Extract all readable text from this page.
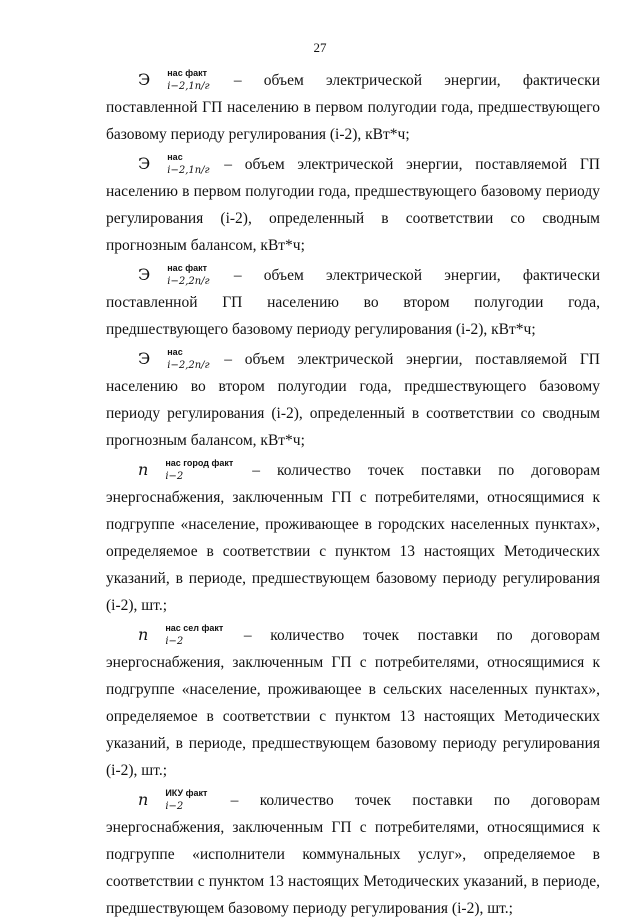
27

Э	нас факт
i−2,1п/г – объем электрической энергии, фактически поставленной ГП населению в первом полугодии года, предшествующего базовому периоду регулирования (i-2), кВт*ч;

Э	нас
i−2,1п/г – объем электрической энергии, поставляемой ГП населению в первом полугодии года, предшествующего базовому периоду регулирования (i-2), определенный в соответствии со сводным прогнозным балансом, кВт*ч;

Э	нас факт
i−2,2п/г – объем электрической энергии, фактически поставленной ГП населению во втором полугодии года, предшествующего базовому периоду регулирования (i-2), кВт*ч;

Э	нас
i−2,2п/г – объем электрической энергии, поставляемой ГП населению во втором полугодии года, предшествующего базовому периоду регулирования (i-2), определенный в соответствии со сводным прогнозным балансом, кВт*ч;

n	нас город факт
i−2	– количество точек поставки по договорам энергоснабжения, заключенным ГП с потребителями, относящимися к подгруппе «население, проживающее в городских населенных пунктах», определяемое в соответствии с пунктом 13 настоящих Методических указаний, в периоде, предшествующем базовому периоду регулирования (i-2), шт.;

n	нас сел факт
i−2	– количество точек поставки по договорам энергоснабжения, заключенным ГП с потребителями, относящимися к подгруппе «население, проживающее в сельских населенных пунктах», определяемое в соответствии с пунктом 13 настоящих Методических указаний, в периоде, предшествующем базовому периоду регулирования (i-2), шт.;

n	ИКУ факт
i−2	– количество точек поставки по договорам энергоснабжения, заключенным ГП с потребителями, относящимися к подгруппе «исполнители коммунальных услуг», определяемое в соответствии с пунктом 13 настоящих Методических указаний, в периоде, предшествующем базовому периоду регулирования (i-2), шт.;
